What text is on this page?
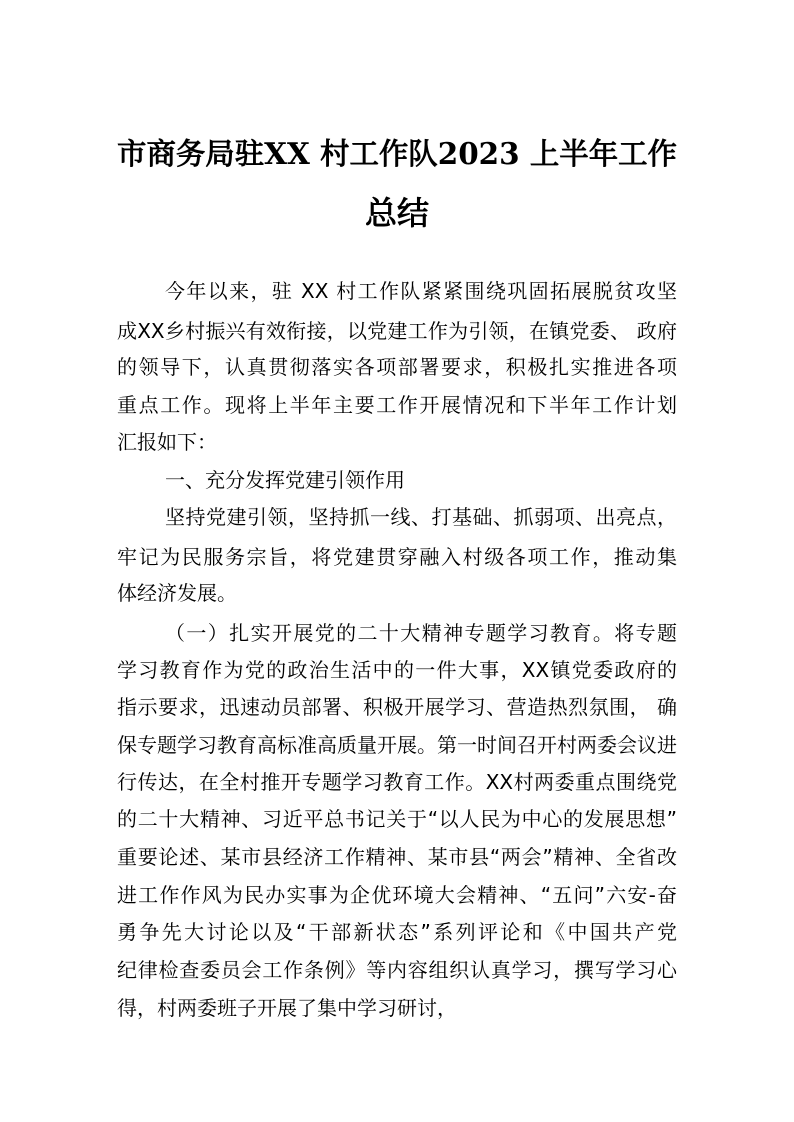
市商务局驻XX 村工作队2023 上半年工作
总结
今年以来，驻 XX 村工作队紧紧围绕巩固拓展脱贫攻坚
成XX乡村振兴有效衔接，以党建工作为引领，在镇党委、 政府
的领导下，认真贯彻落实各项部署要求，积极扎实推进各项
重点工作。现将上半年主要工作开展情况和下半年工作计划
汇报如下：
一、充分发挥党建引领作用
坚持党建引领，坚持抓一线、打基础、抓弱项、出亮点，
牢记为民服务宗旨，将党建贯穿融入村级各项工作，推动集
体经济发展。
（一）扎实开展党的二十大精神专题学习教育。将专题
学习教育作为党的政治生活中的一件大事，XX镇党委政府的
指示要求，迅速动员部署、积极开展学习、营造热烈氛围， 确
保专题学习教育高标准高质量开展。第一时间召开村两委会议进
行传达，在全村推开专题学习教育工作。XX村两委重点围绕党
的二十大精神、习近平总书记关于“以人民为中心的发展思想”
重要论述、某市县经济工作精神、某市县“两会”精神、全省改
进工作作风为民办实事为企优环境大会精神、“五问”六安-奋
勇争先大讨论以及“干部新状态”系列评论和《中国共产党
纪律检查委员会工作条例》等内容组织认真学习，撰写学习心
得，村两委班子开展了集中学习研讨，
